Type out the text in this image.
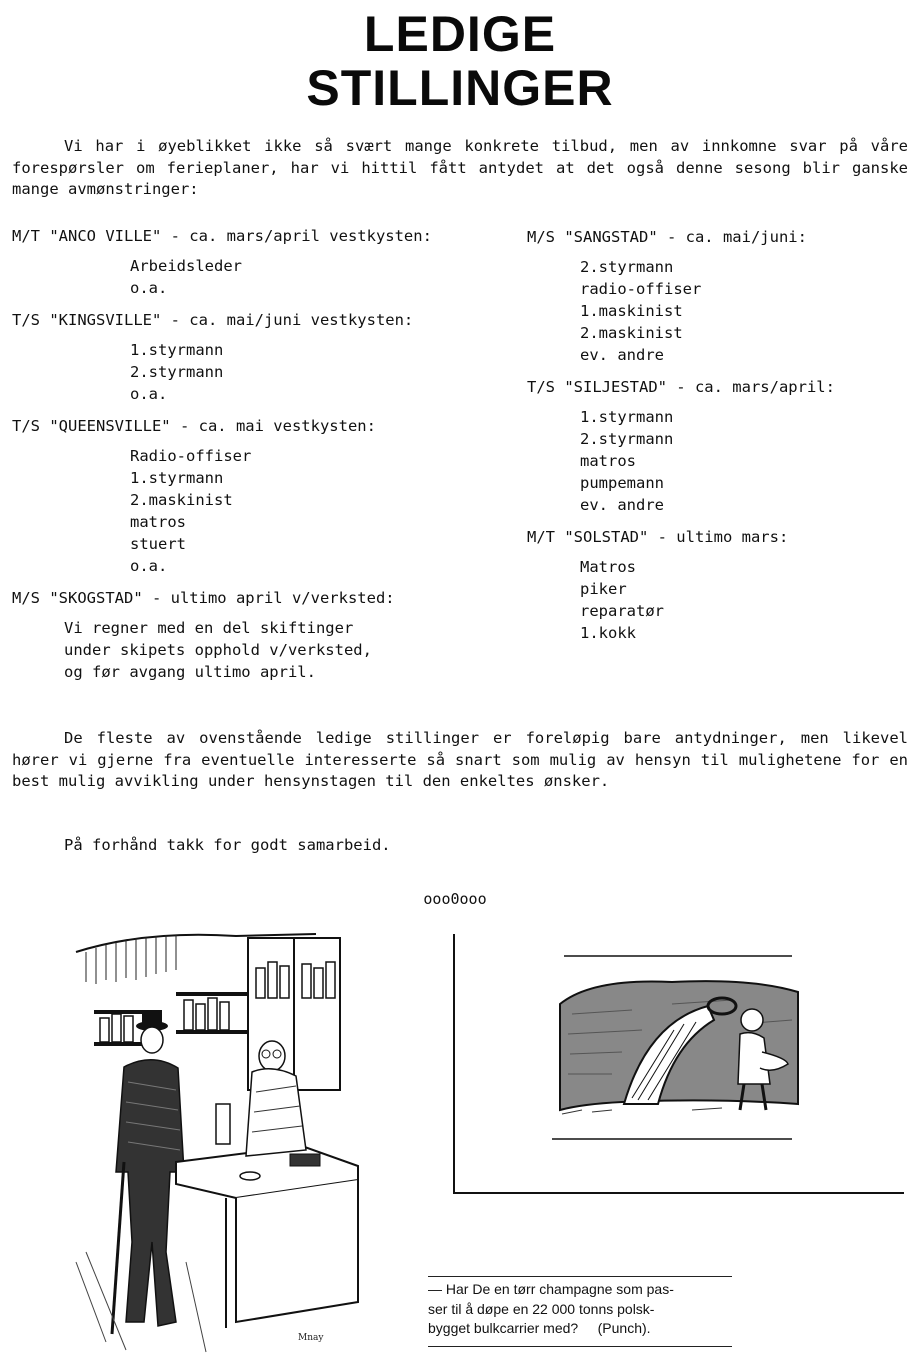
LEDIGE
STILLINGER
Vi har i øyeblikket ikke så svært mange konkrete tilbud, men av innkomne svar på våre forespørsler om ferieplaner, har vi hittil fått antydet at det også denne sesong blir ganske mange avmønstringer:
M/T "ANCO VILLE" - ca. mars/april vestkysten:
Arbeidsleder
o.a.
T/S "KINGSVILLE" - ca. mai/juni vestkysten:
1.styrmann
2.styrmann
o.a.
T/S "QUEENSVILLE" - ca. mai vestkysten:
Radio-offiser
1.styrmann
2.maskinist
matros
stuert
o.a.
M/S "SKOGSTAD" - ultimo april v/verksted:
Vi regner med en del skiftinger
under skipets opphold v/verksted,
og før avgang ultimo april.
M/S "SANGSTAD" - ca. mai/juni:
2.styrmann
radio-offiser
1.maskinist
2.maskinist
ev. andre
T/S "SILJESTAD" - ca. mars/april:
1.styrmann
2.styrmann
matros
pumpemann
ev. andre
M/T "SOLSTAD" - ultimo mars:
Matros
piker
reparatør
1.kokk
De fleste av ovenstående ledige stillinger er foreløpig bare antydninger, men likevel hører vi gjerne fra eventuelle interesserte så snart som mulig av hensyn til mulighetene for en best mulig avvikling under hensynstagen til den enkeltes ønsker.
På forhånd takk for godt samarbeid.
ooo0ooo
Mnay
— Har De en tørr champagne som pas-
ser til å døpe en 22 000 tonns polsk-
bygget bulkcarrier med?     (Punch).
